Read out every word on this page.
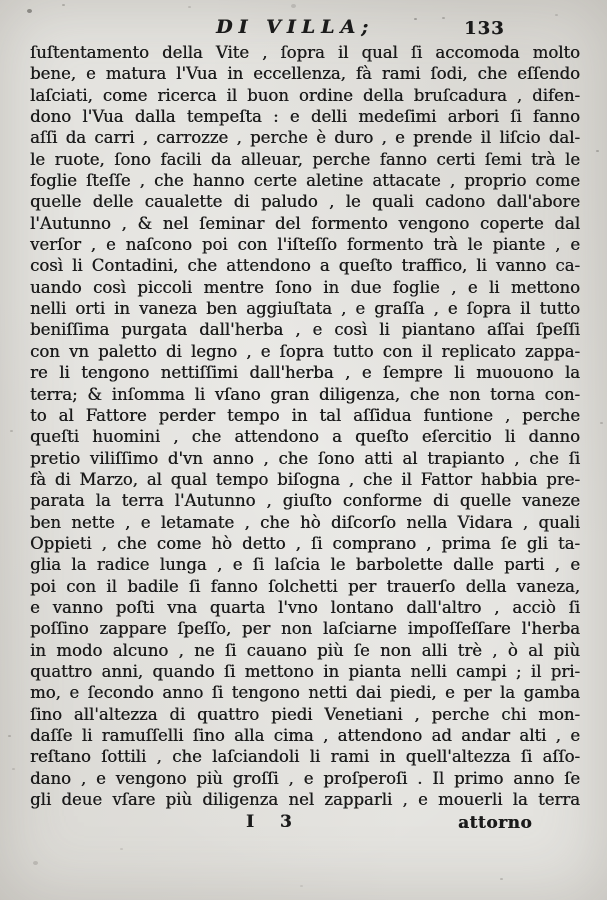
DI VILLA;	133
ſuſtentamento della Vite , ſopra il qual ſi accomoda molto
bene, e matura l'Vua in eccellenza, fà rami ſodi, che eſſendo
laſciati, come ricerca il buon ordine della bruſcadura , difen-
dono l'Vua dalla tempeſta : e delli medeſimi arbori ſi fanno
aſſi da carri , carrozze , perche è duro , e prende il liſcio dal-
le ruote, ſono facili da alleuar, perche fanno certi ſemi trà le
foglie ſteſſe , che hanno certe aletine attacate , proprio come
quelle delle caualette di paludo , le quali cadono dall'abore
l'Autunno , & nel ſeminar del formento vengono coperte dal
verſor , e naſcono poi con l'iſteſſo formento trà le piante , e
così li Contadini, che attendono a queſto traffico, li vanno ca-
uando così piccoli mentre ſono in due foglie , e li mettono
nelli orti in vaneza ben aggiuſtata , e graſſa , e ſopra il tutto
beniſſima purgata dall'herba , e così li piantano aſſai ſpeſſi
con vn paletto di legno , e ſopra tutto con il replicato zappa-
re li tengono nettiſſimi dall'herba , e ſempre li muouono la
terra; & inſomma li vſano gran diligenza, che non torna con-
to al Fattore perder tempo in tal aſſidua funtione , perche
queſti huomini , che attendono a queſto eſercitio li danno
pretio viliſſimo d'vn anno , che ſono atti al trapianto , che ſi
fà di Marzo, al qual tempo biſogna , che il Fattor habbia pre-
parata la terra l'Autunno , giuſto conforme di quelle vaneze
ben nette , e letamate , che hò diſcorſo nella Vidara , quali
Oppieti , che come hò detto , ſi comprano , prima ſe gli ta-
glia la radice lunga , e ſi laſcia le barbolette dalle parti , e
poi con il badile ſi fanno ſolchetti per trauerſo della vaneza,
e vanno poſti vna quarta l'vno lontano dall'altro , acciò ſi
poſſino zappare ſpeſſo, per non laſciarne impoſſeſſare l'herba
in modo alcuno , ne ſi cauano più ſe non alli trè , ò al più
quattro anni, quando ſi mettono in pianta nelli campi ; il pri-
mo, e ſecondo anno ſi tengono netti dai piedi, e per la gamba
ſino all'altezza di quattro piedi Venetiani , perche chi mon-
daſſe li ramuſſelli ſino alla cima , attendono ad andar alti , e
reſtano ſottili , che laſciandoli li rami in quell'altezza ſi aſſo-
dano , e vengono più groſſi , e proſperoſi . Il primo anno ſe
gli deue vſare più diligenza nel zapparli , e mouerli la terra
I 3	attorno
